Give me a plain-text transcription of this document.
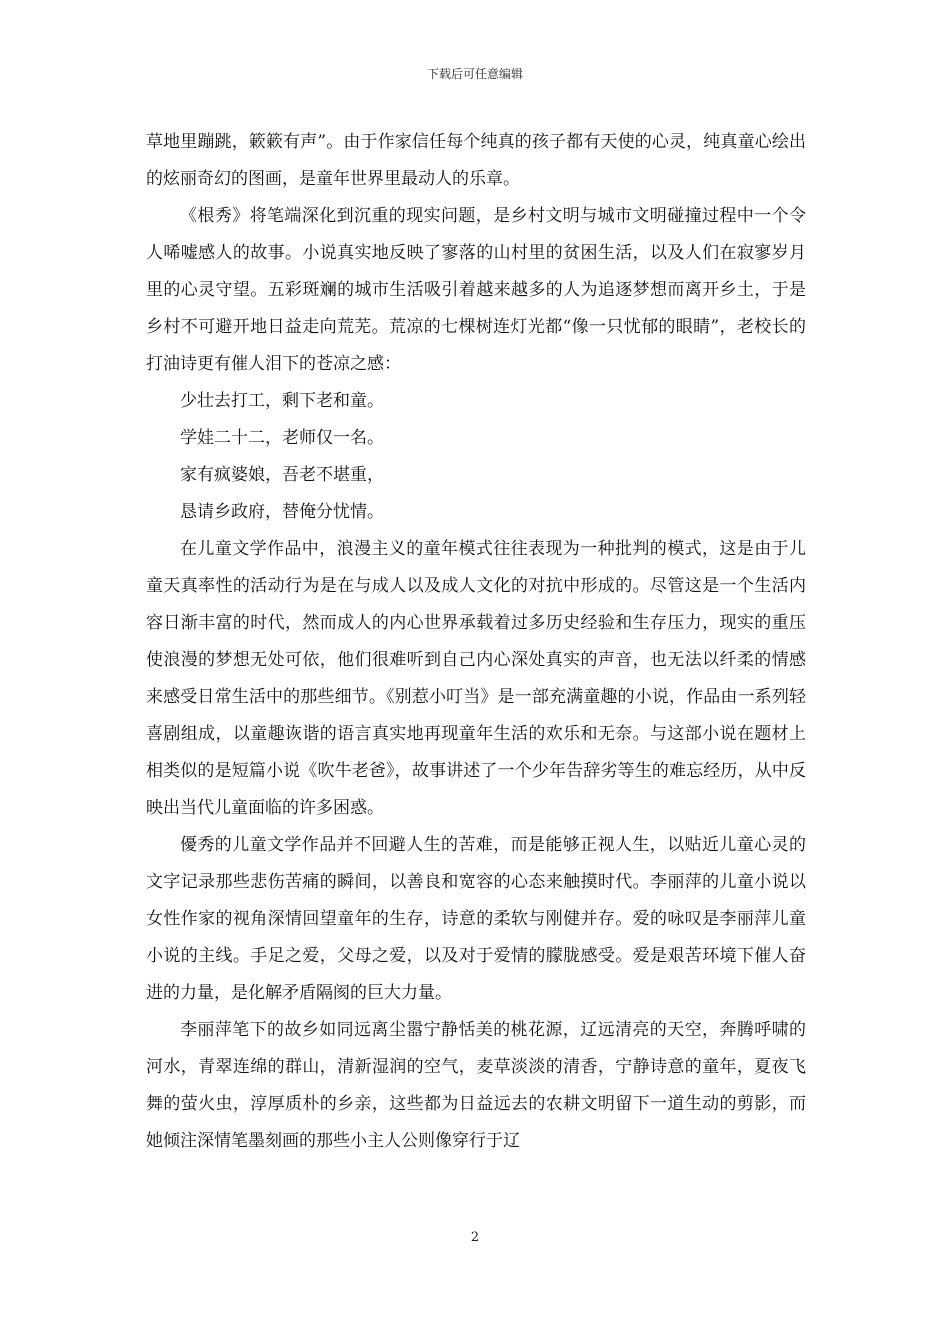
下载后可任意编辑

草地里蹦跳，簌簌有声”。由于作家信任每个纯真的孩子都有天使的心灵，纯真童心绘出的炫丽奇幻的图画，是童年世界里最动人的乐章。

《根秀》将笔端深化到沉重的现实问题，是乡村文明与城市文明碰撞过程中一个令人唏嘘感人的故事。小说真实地反映了寥落的山村里的贫困生活，以及人们在寂寥岁月里的心灵守望。五彩斑斓的城市生活吸引着越来越多的人为追逐梦想而离开乡土，于是乡村不可避开地日益走向荒芜。荒凉的七棵树连灯光都“像一只忧郁的眼睛”，老校长的打油诗更有催人泪下的苍凉之感：

少壮去打工，剩下老和童。

学娃二十二，老师仅一名。

家有疯婆娘，吾老不堪重，

恳请乡政府，替俺分忧情。

在儿童文学作品中，浪漫主义的童年模式往往表现为一种批判的模式，这是由于儿童天真率性的活动行为是在与成人以及成人文化的对抗中形成的。尽管这是一个生活内容日渐丰富的时代，然而成人的内心世界承载着过多历史经验和生存压力，现实的重压使浪漫的梦想无处可依，他们很难听到自己内心深处真实的声音，也无法以纤柔的情感来感受日常生活中的那些细节。《别惹小叮当》是一部充满童趣的小说，作品由一系列轻喜剧组成，以童趣诙谐的语言真实地再现童年生活的欢乐和无奈。与这部小说在题材上相类似的是短篇小说《吹牛老爸》，故事讲述了一个少年告辞劣等生的难忘经历，从中反映出当代儿童面临的许多困惑。

優秀的儿童文学作品并不回避人生的苦难，而是能够正视人生，以贴近儿童心灵的文字记录那些悲伤苦痛的瞬间，以善良和宽容的心态来触摸时代。李丽萍的儿童小说以女性作家的视角深情回望童年的生存，诗意的柔软与刚健并存。爱的咏叹是李丽萍儿童小说的主线。手足之爱，父母之爱，以及对于爱情的朦胧感受。爱是艰苦环境下催人奋进的力量，是化解矛盾隔阂的巨大力量。

李丽萍笔下的故乡如同远离尘嚣宁静恬美的桃花源，辽远清亮的天空，奔腾呼啸的河水，青翠连绵的群山，清新湿润的空气，麦草淡淡的清香，宁静诗意的童年，夏夜飞舞的萤火虫，淳厚质朴的乡亲，这些都为日益远去的农耕文明留下一道生动的剪影，而她倾注深情笔墨刻画的那些小主人公则像穿行于辽

2
